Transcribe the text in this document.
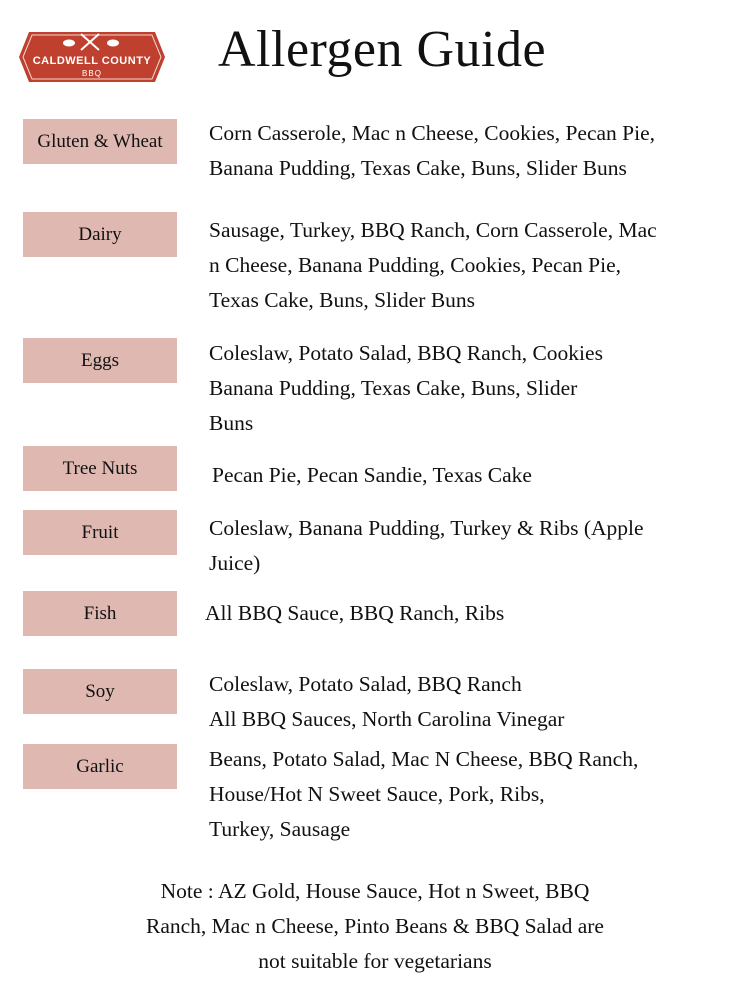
CALDWELL COUNTY
BBQ Allergen Guide
Gluten & Wheat	Corn Casserole, Mac n Cheese, Cookies, Pecan Pie,
Banana Pudding, Texas Cake, Buns, Slider Buns
Dairy	Sausage, Turkey, BBQ Ranch, Corn Casserole, Mac
n Cheese, Banana Pudding, Cookies, Pecan Pie,
Texas Cake, Buns, Slider Buns
Eggs	Coleslaw, Potato Salad, BBQ Ranch, Cookies
Banana Pudding, Texas Cake, Buns, Slider
Buns
Tree Nuts	Pecan Pie, Pecan Sandie, Texas Cake
Fruit	Coleslaw, Banana Pudding, Turkey & Ribs (Apple
Juice)
Fish	All BBQ Sauce, BBQ Ranch, Ribs
Soy	Coleslaw, Potato Salad, BBQ Ranch
All BBQ Sauces, North Carolina Vinegar
Garlic	Beans, Potato Salad, Mac N Cheese, BBQ Ranch,
House/Hot N Sweet Sauce, Pork, Ribs,
Turkey, Sausage
Note : AZ Gold, House Sauce, Hot n Sweet, BBQ
Ranch, Mac n Cheese, Pinto Beans & BBQ Salad are
not suitable for vegetarians
